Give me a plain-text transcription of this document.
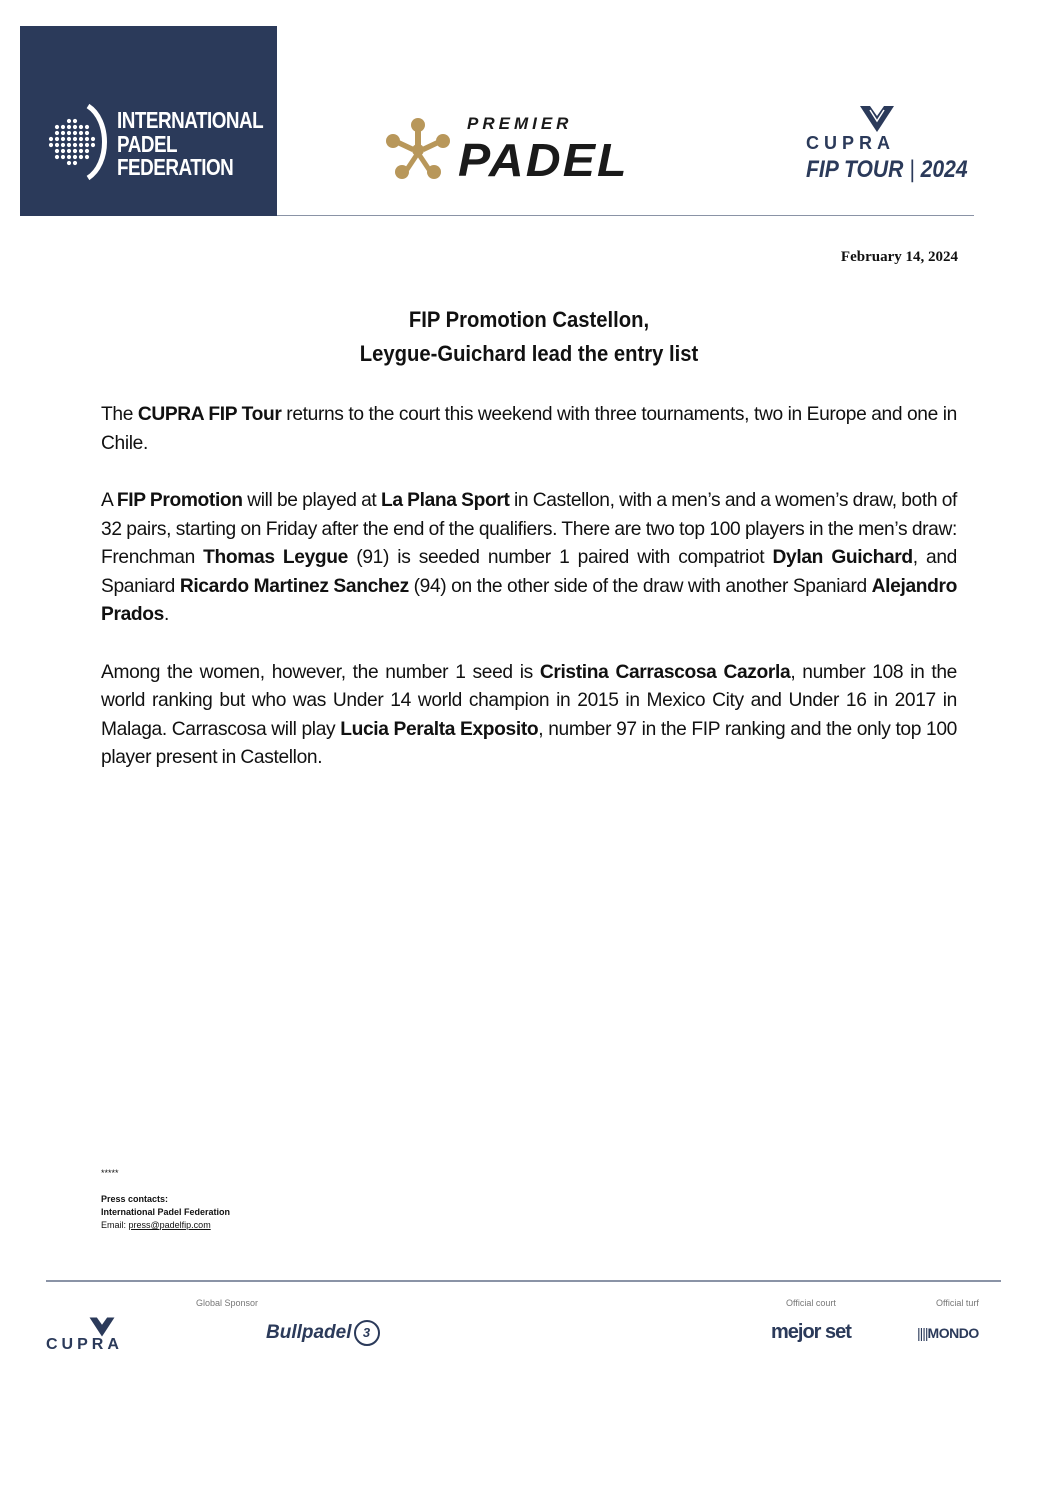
INTERNATIONAL
PADEL
FEDERATION
PREMIER
PADEL	CUPRA
FIP TOUR | 2024
February 14, 2024
FIP Promotion Castellon,
Leygue-Guichard lead the entry list

The CUPRA FIP Tour returns to the court this weekend with three tournaments, two in Europe and one in Chile.

A FIP Promotion will be played at La Plana Sport in Castellon, with a men’s and a women’s draw, both of 32 pairs, starting on Friday after the end of the qualifiers. There are two top 100 players in the men’s draw: Frenchman Thomas Leygue (91) is seeded number 1 paired with compatriot Dylan Guichard, and Spaniard Ricardo Martinez Sanchez (94) on the other side of the draw with another Spaniard Alejandro Prados.

Among the women, however, the number 1 seed is Cristina Carrascosa Cazorla, number 108 in the world ranking but who was Under 14 world champion in 2015 in Mexico City and Under 16 in 2017 in Malaga. Carrascosa will play Lucia Peralta Exposito, number 97 in the FIP ranking and the only top 100 player present in Castellon.

*****
Press contacts:
International Padel Federation
Email: press@padelfip.com
Global Sponsor	Official court	Official turf
CUPRA
Bullpadel 3	mejor set	||||MONDO
